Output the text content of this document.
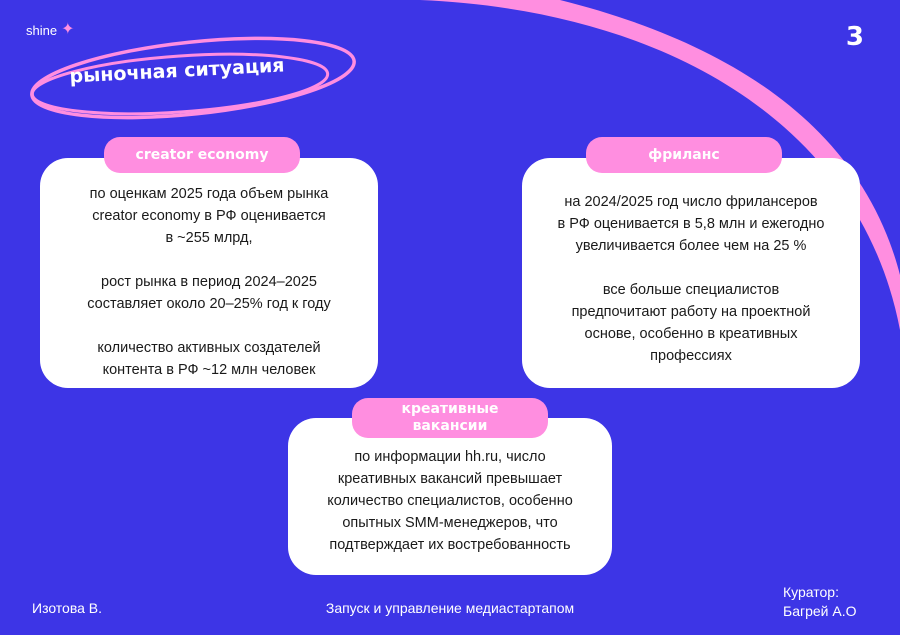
shine ✦	3
рыночная ситуация

по оценкам 2025 года объем рынка

creator economy в РФ оценивается

в ~255 млрд,

рост рынка в период 2024–2025

составляет около 20–25% год к году

количество активных создателей

контента в РФ ~12 млн человек

creator economy

на 2024/2025 год число фрилансеров

в РФ оценивается в 5,8 млн и ежегодно

увеличивается более чем на 25 %

все больше специалистов

предпочитают работу на проектной

основе, особенно в креативных

профессиях

фриланс

по информации hh.ru, число

креативных вакансий превышает

количество специалистов, особенно

опытных SMM-менеджеров, что

подтверждает их востребованность

креативные
вакансии
Изотова В.	Запуск и управление медиастартапом
Куратор:
Багрей А.О
